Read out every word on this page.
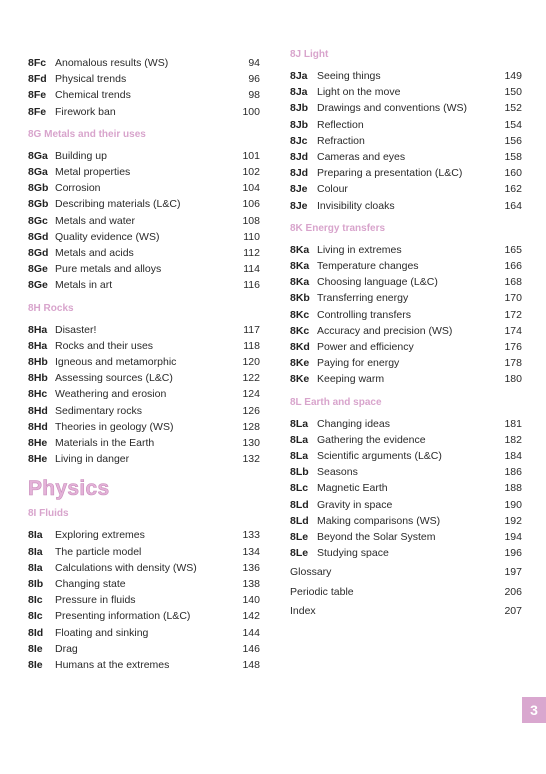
8Fc Anomalous results (WS)	94
8Fd Physical trends	96
8Fe Chemical trends	98
8Fe Firework ban	100
8G Metals and their uses
8Ga Building up	101
8Ga Metal properties	102
8Gb Corrosion	104
8Gb Describing materials (L&C)	106
8Gc Metals and water	108
8Gd Quality evidence (WS)	110
8Gd Metals and acids	112
8Ge Pure metals and alloys	114
8Ge Metals in art	116
8H Rocks
8Ha Disaster!	117
8Ha Rocks and their uses	118
8Hb Igneous and metamorphic	120
8Hb Assessing sources (L&C)	122
8Hc Weathering and erosion	124
8Hd Sedimentary rocks	126
8Hd Theories in geology (WS)	128
8He Materials in the Earth	130
8He Living in danger	132
Physics
8I Fluids
8Ia Exploring extremes	133
8Ia The particle model	134
8Ia Calculations with density (WS)	136
8Ib Changing state	138
8Ic Pressure in fluids	140
8Ic Presenting information (L&C)	142
8Id Floating and sinking	144
8Ie Drag	146
8Ie Humans at the extremes	148
8J Light
8Ja Seeing things	149
8Ja Light on the move	150
8Jb Drawings and conventions (WS)	152
8Jb Reflection	154
8Jc Refraction	156
8Jd Cameras and eyes	158
8Jd Preparing a presentation (L&C)	160
8Je Colour	162
8Je Invisibility cloaks	164
8K Energy transfers
8Ka Living in extremes	165
8Ka Temperature changes	166
8Ka Choosing language (L&C)	168
8Kb Transferring energy	170
8Kc Controlling transfers	172
8Kc Accuracy and precision (WS)	174
8Kd Power and efficiency	176
8Ke Paying for energy	178
8Ke Keeping warm	180
8L Earth and space
8La Changing ideas	181
8La Gathering the evidence	182
8La Scientific arguments (L&C)	184
8Lb Seasons	186
8Lc Magnetic Earth	188
8Ld Gravity in space	190
8Ld Making comparisons (WS)	192
8Le Beyond the Solar System	194
8Le Studying space	196
Glossary	197
Periodic table	206
Index	207
3
